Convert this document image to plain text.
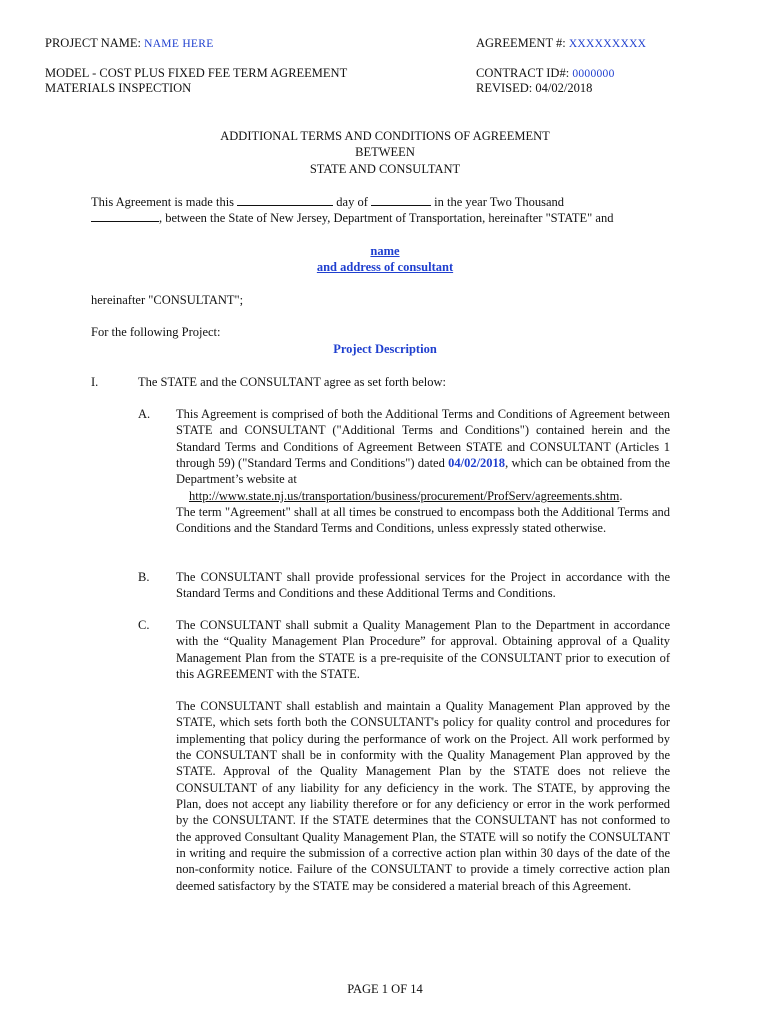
PROJECT NAME: NAME HERE	AGREEMENT #: XXXXXXXXX
MODEL - COST PLUS FIXED FEE TERM AGREEMENT
MATERIALS INSPECTION
CONTRACT ID#: 0000000
REVISED: 04/02/2018
ADDITIONAL TERMS AND CONDITIONS OF AGREEMENT
BETWEEN
STATE AND CONSULTANT
This Agreement is made this	day of	in the year Two Thousand
, between the State of New Jersey, Department of Transportation, hereinafter "STATE" and
name
and address of consultant
hereinafter "CONSULTANT";
For the following Project:
Project Description
I.	The STATE and the CONSULTANT agree as set forth below:
A. This Agreement is comprised of both the Additional Terms and Conditions of Agreement between STATE and CONSULTANT ("Additional Terms and Conditions") contained herein and the Standard Terms and Conditions of Agreement Between STATE and CONSULTANT (Articles 1 through 59) ("Standard Terms and Conditions") dated 04/02/2018, which can be obtained from the Department’s website at
http://www.state.nj.us/transportation/business/procurement/ProfServ/agreements.shtm.
The term "Agreement" shall at all times be construed to encompass both the Additional Terms and Conditions and the Standard Terms and Conditions, unless expressly stated otherwise.
B. The CONSULTANT shall provide professional services for the Project in accordance with the Standard Terms and Conditions and these Additional Terms and Conditions.
C. The CONSULTANT shall submit a Quality Management Plan to the Department in accordance with the “Quality Management Plan Procedure” for approval. Obtaining approval of a Quality Management Plan from the STATE is a pre-requisite of the CONSULTANT prior to execution of this AGREEMENT with the STATE.
The CONSULTANT shall establish and maintain a Quality Management Plan approved by the STATE, which sets forth both the CONSULTANT's policy for quality control and procedures for implementing that policy during the performance of work on the Project. All work performed by the CONSULTANT shall be in conformity with the Quality Management Plan approved by the STATE. Approval of the Quality Management Plan by the STATE does not relieve the CONSULTANT of any liability for any deficiency in the work. The STATE, by approving the Plan, does not accept any liability therefore or for any deficiency or error in the work performed by the CONSULTANT. If the STATE determines that the CONSULTANT has not conformed to the approved Consultant Quality Management Plan, the STATE will so notify the CONSULTANT in writing and require the submission of a corrective action plan within 30 days of the date of the non-conformity notice. Failure of the CONSULTANT to provide a timely corrective action plan deemed satisfactory by the STATE may be considered a material breach of this Agreement.
PAGE 1 OF 14
